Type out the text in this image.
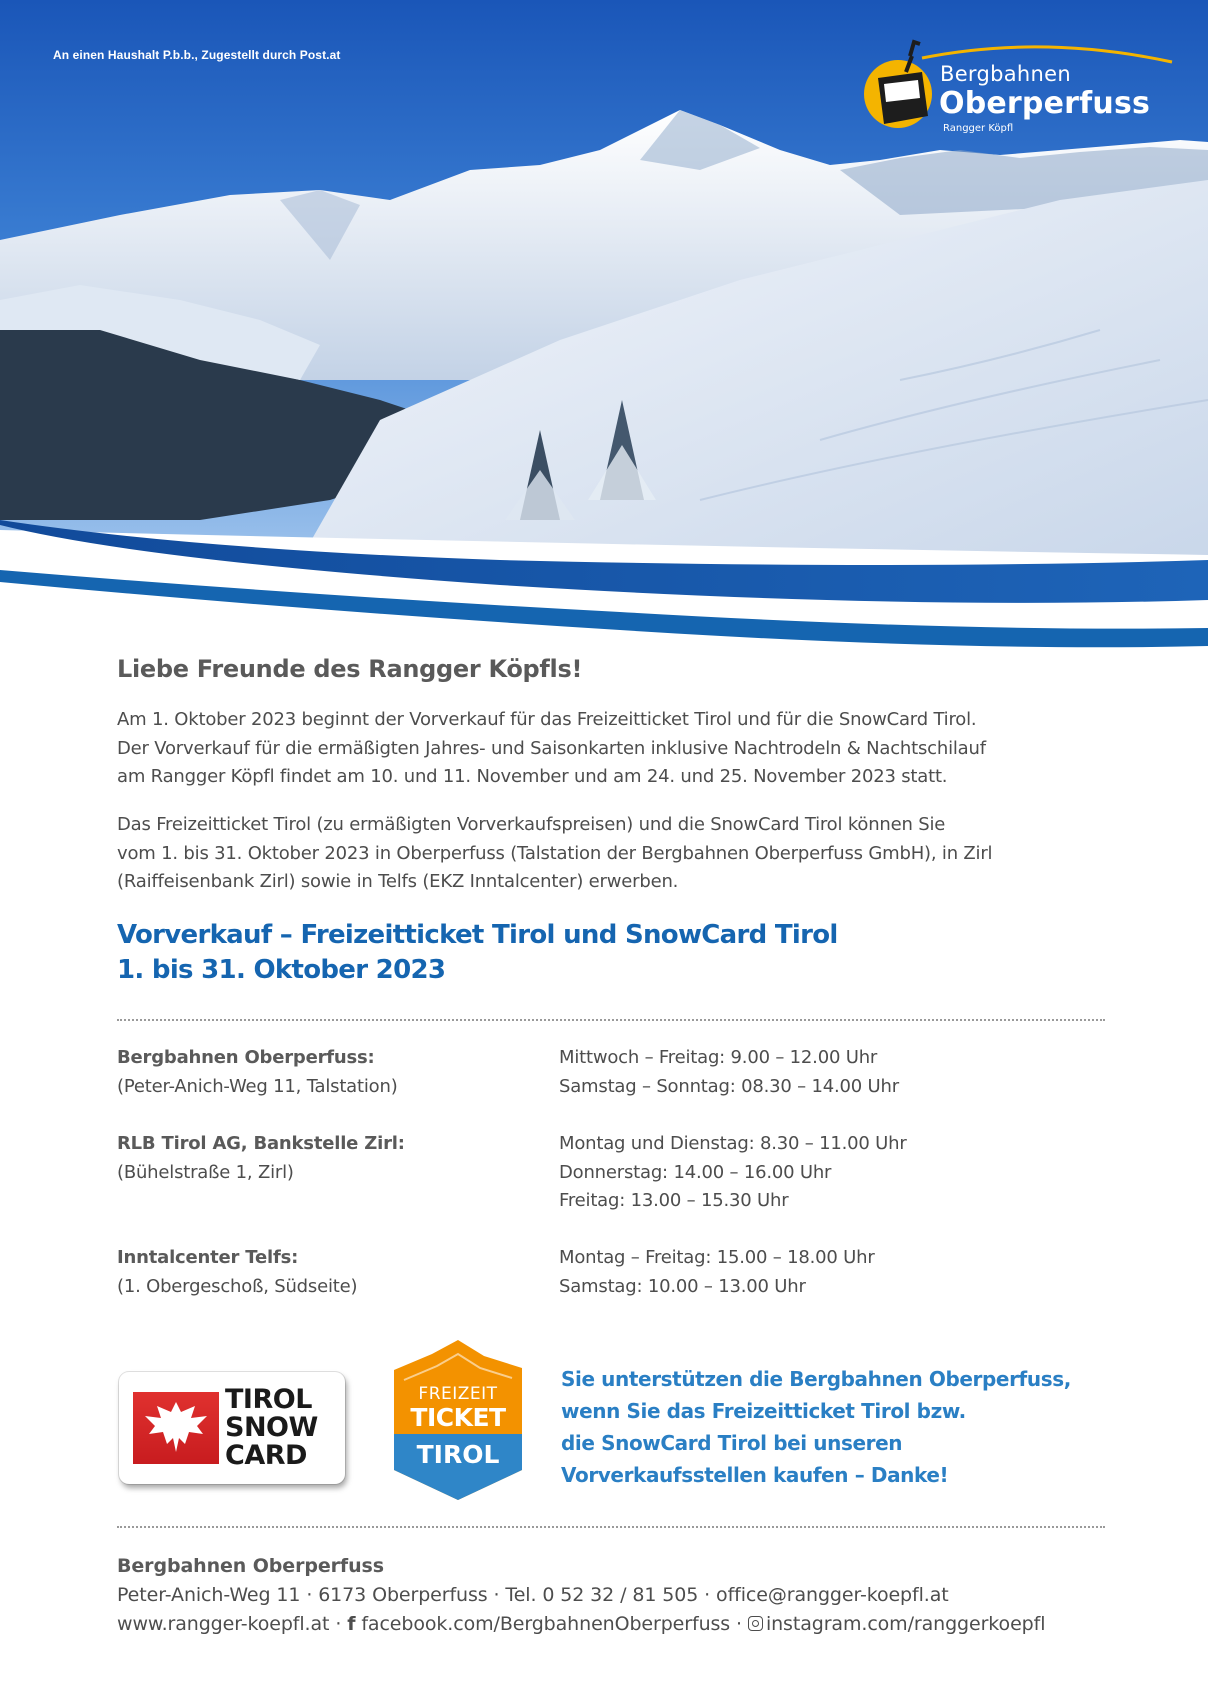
An einen Haushalt P.b.b., Zugestellt durch Post.at
Bergbahnen
Oberperfuss
Rangger Köpfl
Liebe Freunde des Rangger Köpfls!

Am 1. Oktober 2023 beginnt der Vorverkauf für das Freizeitticket Tirol und für die SnowCard Tirol.
Der Vorverkauf für die ermäßigten Jahres- und Saisonkarten inklusive Nachtrodeln & Nachtschilauf
am Rangger Köpfl findet am 10. und 11. November und am 24. und 25. November 2023 statt.

Das Freizeitticket Tirol (zu ermäßigten Vorverkaufspreisen) und die SnowCard Tirol können Sie
vom 1. bis 31. Oktober 2023 in Oberperfuss (Talstation der Bergbahnen Oberperfuss GmbH), in Zirl
(Raiffeisenbank Zirl) sowie in Telfs (EKZ Inntalcenter) erwerben.

Vorverkauf – Freizeitticket Tirol und SnowCard Tirol
1. bis 31. Oktober 2023
Bergbahnen Oberperfuss:
(Peter-Anich-Weg 11, Talstation)
Mittwoch – Freitag: 9.00 – 12.00 Uhr
Samstag – Sonntag: 08.30 – 14.00 Uhr
RLB Tirol AG, Bankstelle Zirl:
(Bühelstraße 1, Zirl)
Montag und Dienstag: 8.30 – 11.00 Uhr
Donnerstag: 14.00 – 16.00 Uhr
Freitag: 13.00 – 15.30 Uhr
Inntalcenter Telfs:
(1. Obergeschoß, Südseite)
Montag – Freitag: 15.00 – 18.00 Uhr
Samstag: 10.00 – 13.00 Uhr
TIROL
SNOW
CARD
FREIZEIT
TICKET
TIROL
Sie unterstützen die Bergbahnen Oberperfuss,
wenn Sie das Freizeitticket Tirol bzw.
die SnowCard Tirol bei unseren
Vorverkaufsstellen kaufen – Danke!
Bergbahnen Oberperfuss
Peter-Anich-Weg 11 · 6173 Oberperfuss · Tel. 0 52 32 / 81 505 · office@rangger-koepfl.at
www.rangger-koepfl.at · f facebook.com/BergbahnenOberperfuss · instagram.com/ranggerkoepfl
